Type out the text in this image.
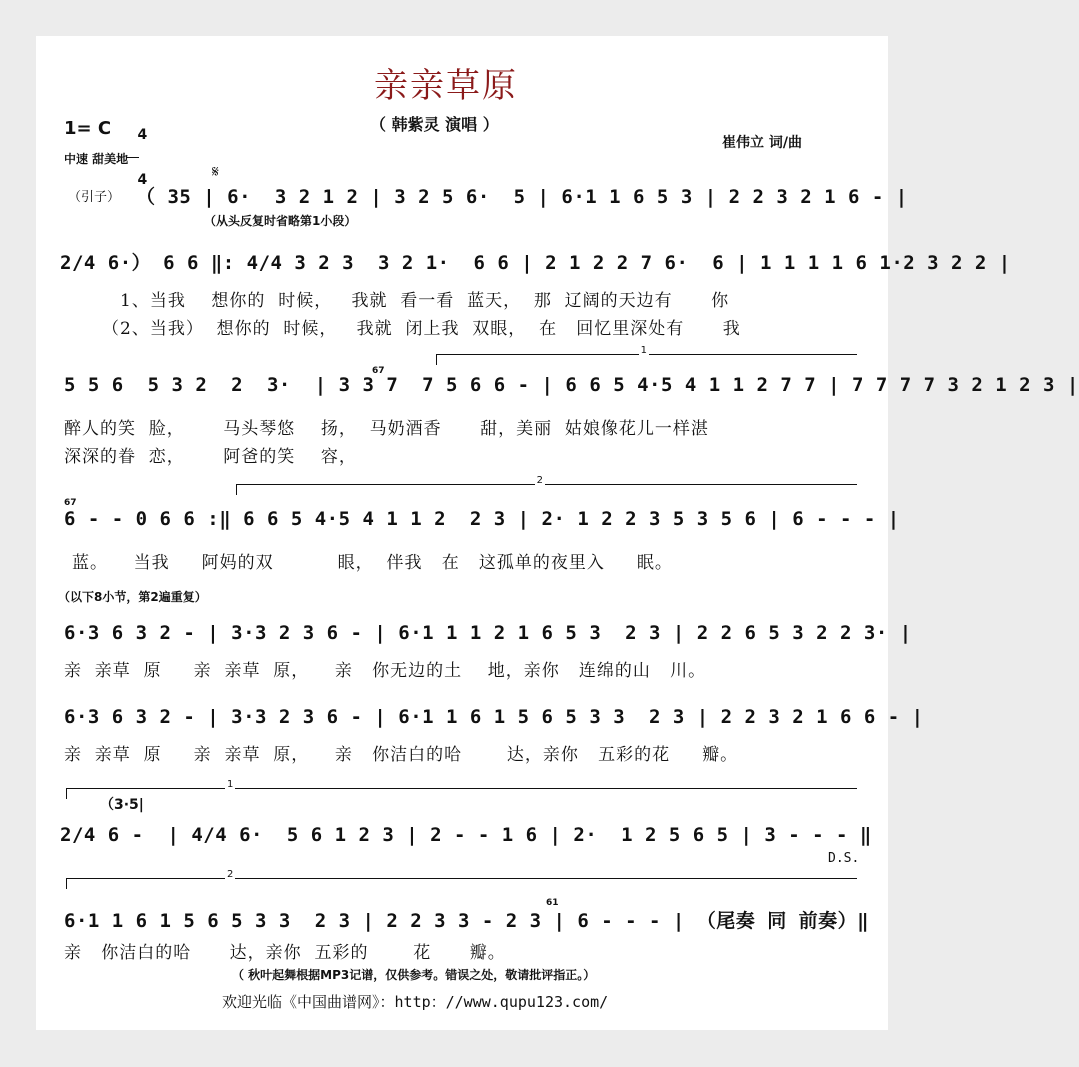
亲亲草原
（ 韩紫灵 演唱 ）
1= C	4

4

中速 甜美地
崔伟立 词/曲
𝄋
（引子） （ 35 | 6·  3 2 1 2 | 3 2 5 6·  5 | 6·1 1 6 5 3 | 2 2 3 2 1 6 - |
（从头反复时省略第1小段）
2/4 6·） 6 6 ‖: 4/4 3 2 3  3 2 1·  6 6 | 2 1 2 2 7 6·  6 | 1 1 1 1 6 1·2 3 2 2 |
1、当我    想你的  时候，   我就  看一看  蓝天，  那  辽阔的天边有      你
（2、当我）  想你的  时候，   我就  闭上我  双眼，  在   回忆里深处有      我
1
67
5 5 6  5 3 2  2  3·  | 3 3 7  7 5 6 6 - | 6 6 5 4·5 4 1 1 2 7 7 | 7 7 7 7 3 2 1 2 3 |
醉人的笑  脸，      马头琴悠    扬，  马奶酒香      甜，美丽  姑娘像花儿一样湛
深深的眷  恋，      阿爸的笑    容，
2
67
6 - - 0 6 6 :‖ 6 6 5 4·5 4 1 1 2  2 3 | 2· 1 2 2 3 5 3 5 6 | 6 - - - |
蓝。    当我     阿妈的双          眼，  伴我   在   这孤单的夜里入     眠。
（以下8小节，第2遍重复）
6·3 6 3 2 - | 3·3 2 3 6 - | 6·1 1 1 2 1 6 5 3  2 3 | 2 2 6 5 3 2 2 3· |
亲  亲草  原     亲  亲草  原，    亲   你无边的土    地，亲你   连绵的山   川。
6·3 6 3 2 - | 3·3 2 3 6 - | 6·1 1 6 1 5 6 5 3 3  2 3 | 2 2 3 2 1 6 6 - |
亲  亲草  原     亲  亲草  原，    亲   你洁白的哈       达，亲你   五彩的花     瓣。
1
（3·5|
2/4 6 -  | 4/4 6·  5 6 1 2 3 | 2 - - 1 6 | 2·  1 2 5 6 5 | 3 - - - ‖
D.S.
2
61
6·1 1 6 1 5 6 5 3 3  2 3 | 2 2 3 3 - 2 3 | 6 - - - | （尾奏 同 前奏）‖
亲   你洁白的哈      达，亲你  五彩的       花      瓣。
（ 秋叶起舞根据MP3记谱，仅供参考。错误之处，敬请批评指正。）
欢迎光临《中国曲谱网》：http：//www.qupu123.com/
